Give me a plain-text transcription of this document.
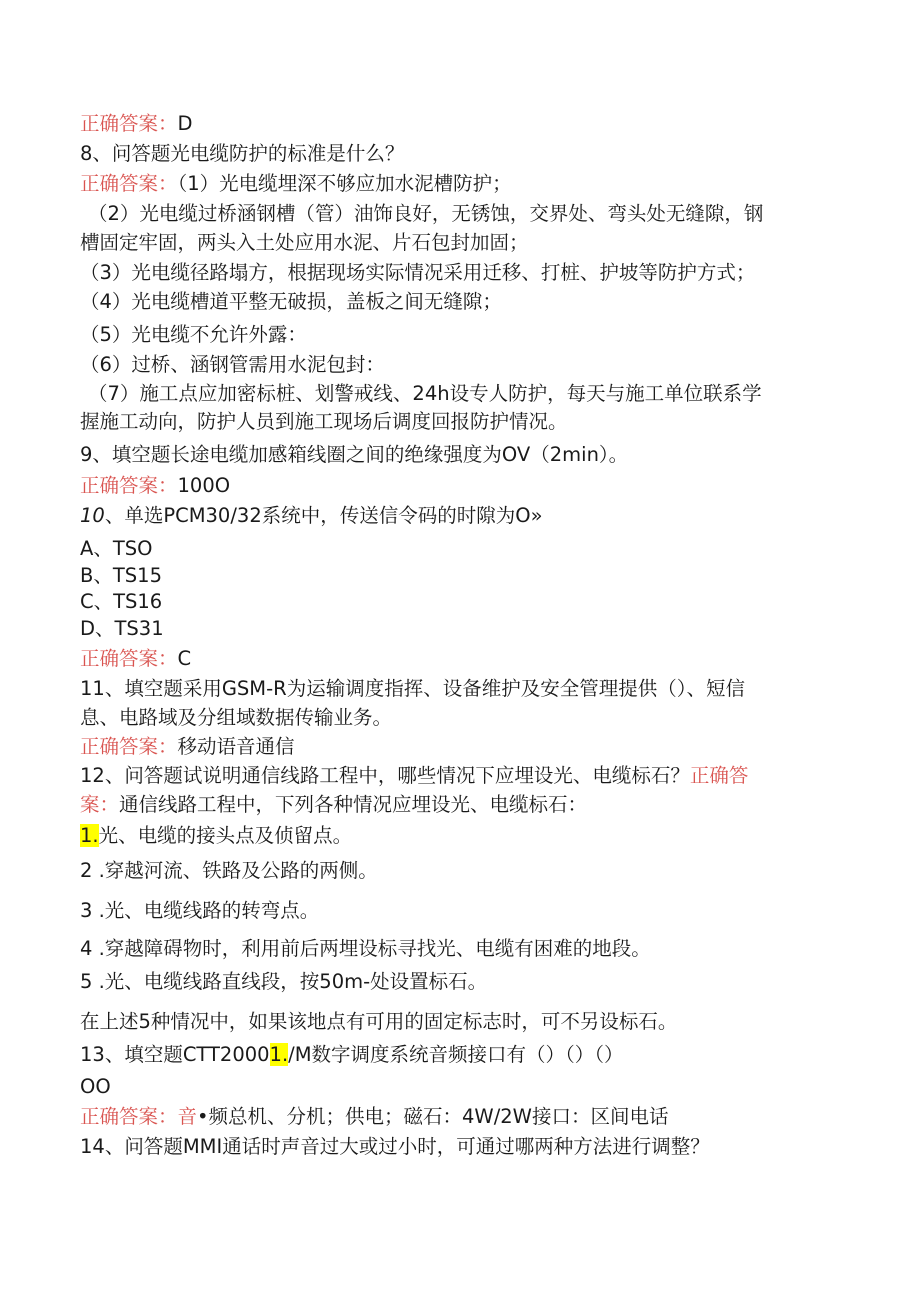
正确答案：D
8、问答题光电缆防护的标准是什么？
正确答案：（1）光电缆埋深不够应加水泥槽防护；
（2）光电缆过桥涵钢槽（管）油饰良好，无锈蚀，交界处、弯头处无缝隙，钢
槽固定牢固，两头入土处应用水泥、片石包封加固；
（3）光电缆径路塌方，根据现场实际情况采用迁移、打桩、护坡等防护方式；
（4）光电缆槽道平整无破损，盖板之间无缝隙；
（5）光电缆不允许外露：
（6）过桥、涵钢管需用水泥包封：
（7）施工点应加密标桩、划警戒线、24h设专人防护，每天与施工单位联系学
握施工动向，防护人员到施工现场后调度回报防护情况。
9、填空题长途电缆加感箱线圈之间的绝缘强度为OV（2min）。
正确答案：100O
10、单选PCM30/32系统中，传送信令码的时隙为O»
A、TSO
B、TS15
C、TS16
D、TS31
正确答案：C
11、填空题采用GSM-R为运输调度指挥、设备维护及安全管理提供（）、短信
息、电路域及分组域数据传输业务。
正确答案：移动语音通信
12、问答题试说明通信线路工程中，哪些情况下应埋设光、电缆标石？正确答
案：通信线路工程中，下列各种情况应埋设光、电缆标石：
1.光、电缆的接头点及侦留点。
2 .穿越河流、铁路及公路的两侧。
3 .光、电缆线路的转弯点。
4 .穿越障碍物时，利用前后两埋设标寻找光、电缆有困难的地段。
5 .光、电缆线路直线段，按50m-处设置标石。
在上述5种情况中，如果该地点有可用的固定标志时，可不另设标石。
13、填空题CTT20001./M数字调度系统音频接口有（）（）（）
OO
正确答案：音•频总机、分机；供电；磁石：4W/2W接口：区间电话
14、问答题MMI通话时声音过大或过小时，可通过哪两种方法进行调整？
